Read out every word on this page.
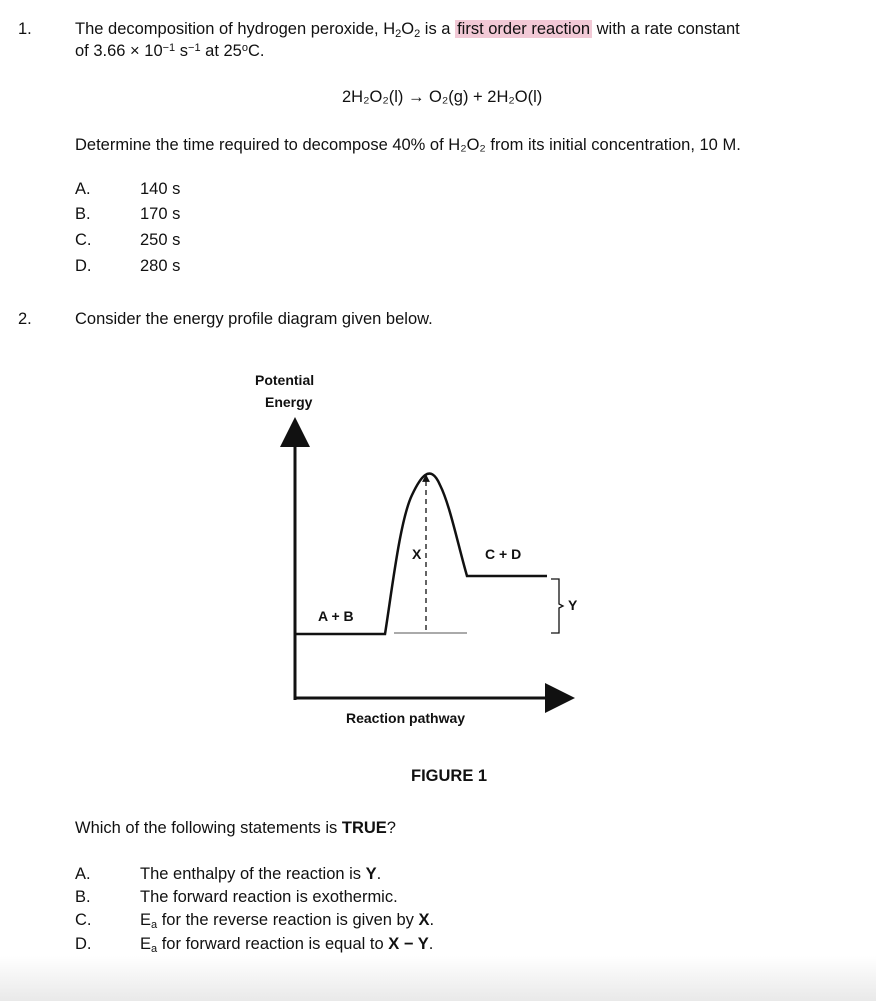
1.	The decomposition of hydrogen peroxide, $H_2O_2$ is a first order reaction with a rate constant
of $3.66 \times 10^{-1}$ $s^{-1}$ at 25$^o$C.
2H₂O₂(l) → O₂(g) + 2H₂O(l)
Determine the time required to decompose 40% of H₂O₂ from its initial concentration, 10 M.
A.	140 s
B.	170 s
C.	250 s
D.	280 s
2.	Consider the energy profile diagram given below.
Potential
Energy
Reaction pathway
A + B
C + D
X
Y
FIGURE 1
Which of the following statements is TRUE?
A.	The enthalpy of the reaction is Y.
B.	The forward reaction is exothermic.
C.	$E_a$ for the reverse reaction is given by X.
D.	$E_a$ for forward reaction is equal to X − Y.
